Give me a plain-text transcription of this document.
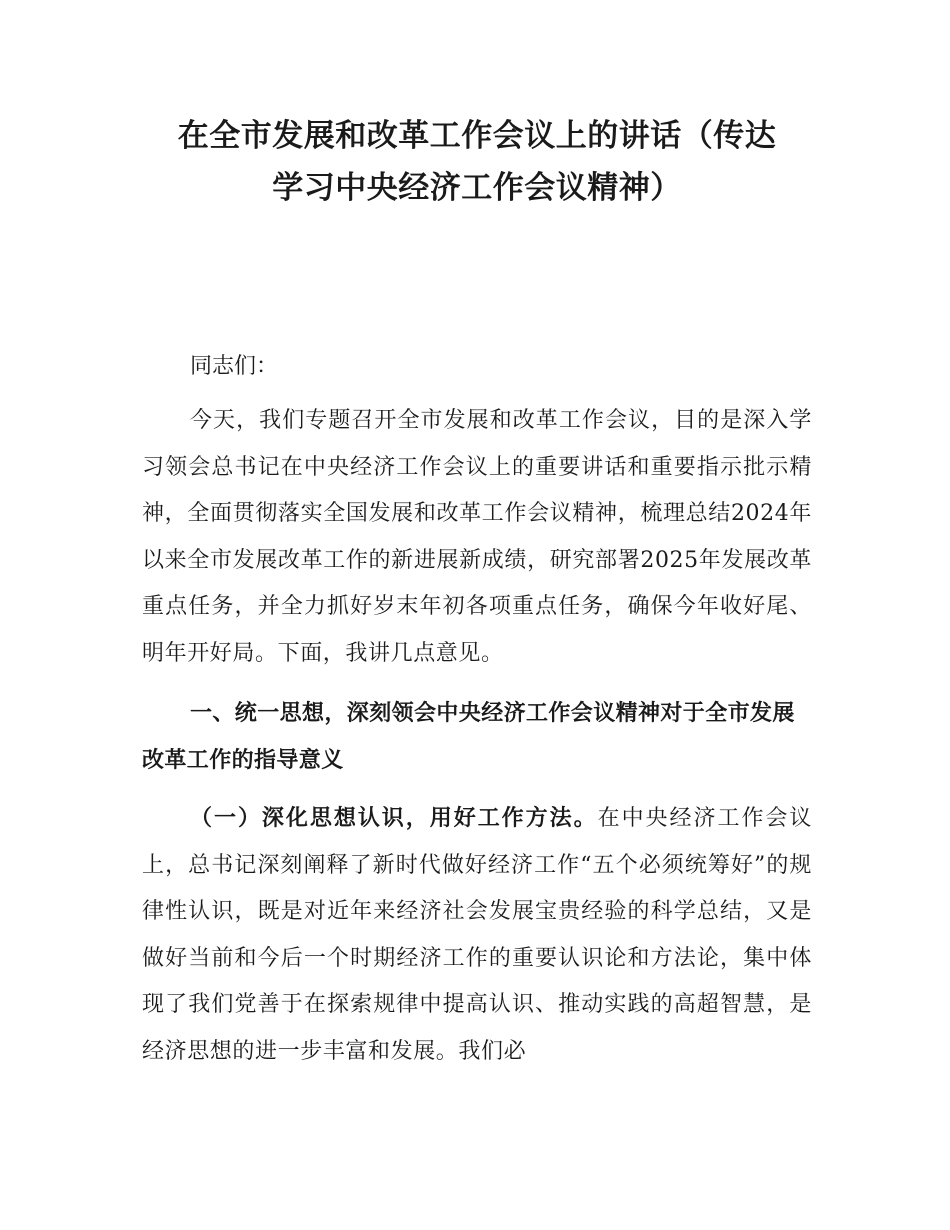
在全市发展和改革工作会议上的讲话（传达
学习中央经济工作会议精神）

同志们：

今天，我们专题召开全市发展和改革工作会议，目的是深入学习领会总书记在中央经济工作会议上的重要讲话和重要指示批示精神，全面贯彻落实全国发展和改革工作会议精神，梳理总结2024年以来全市发展改革工作的新进展新成绩，研究部署2025年发展改革重点任务，并全力抓好岁末年初各项重点任务，确保今年收好尾、明年开好局。下面，我讲几点意见。

一、统一思想，深刻领会中央经济工作会议精神对于全市发展改革工作的指导意义

（一）深化思想认识，用好工作方法。在中央经济工作会议上，总书记深刻阐释了新时代做好经济工作“五个必须统筹好”的规律性认识，既是对近年来经济社会发展宝贵经验的科学总结，又是做好当前和今后一个时期经济工作的重要认识论和方法论，集中体现了我们党善于在探索规律中提高认识、推动实践的高超智慧，是经济思想的进一步丰富和发展。我们必
